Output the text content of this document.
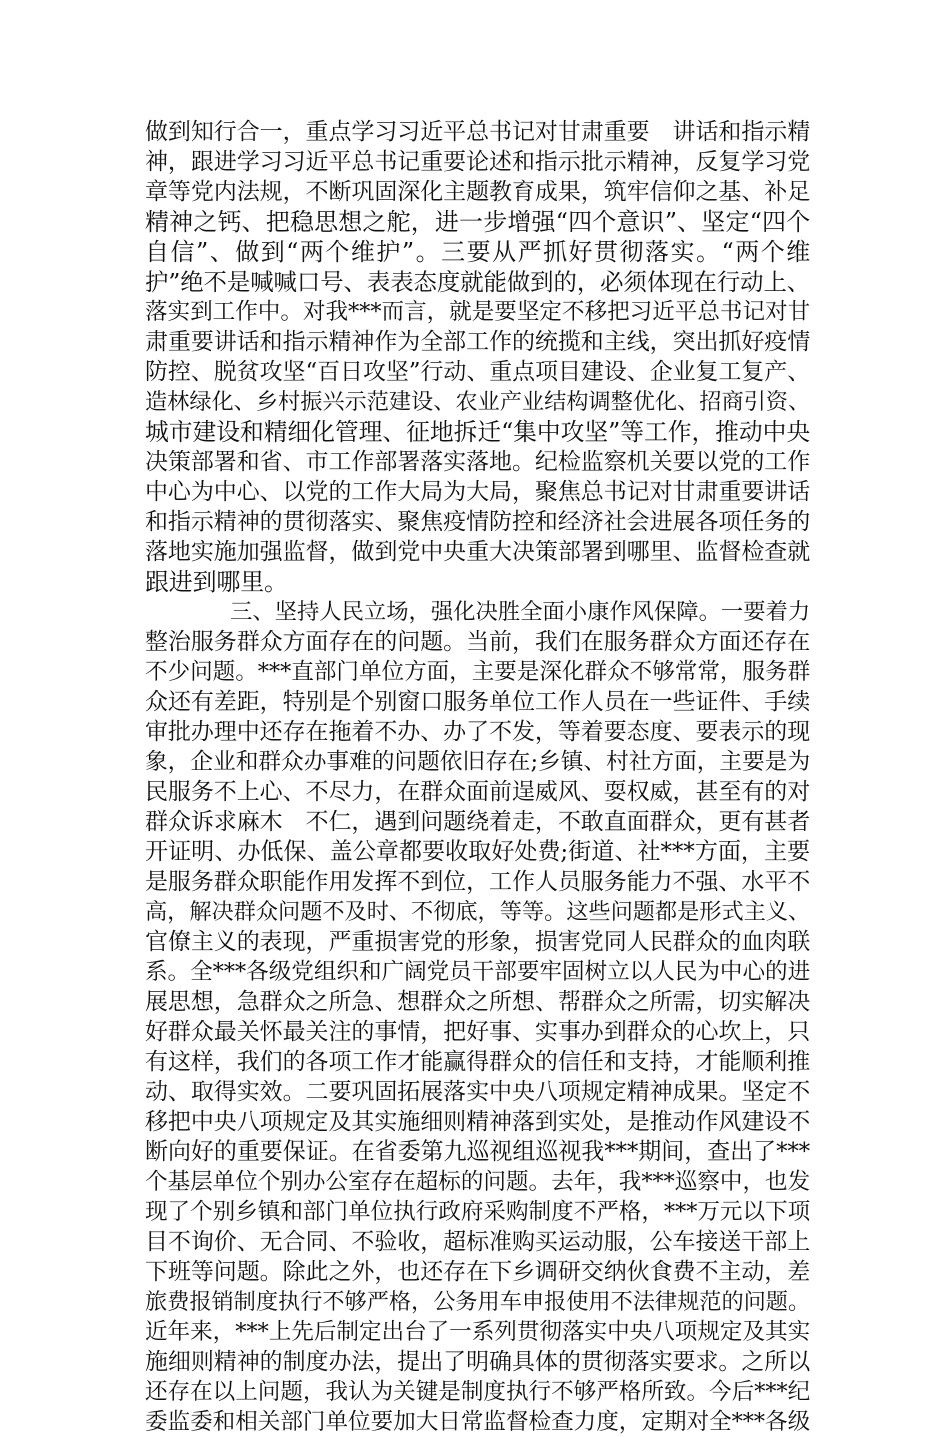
做到知行合一，重点学习习近平总书记对甘肃重要　讲话和指示精
神，跟进学习习近平总书记重要论述和指示批示精神，反复学习党
章等党内法规，不断巩固深化主题教育成果，筑牢信仰之基、补足
精神之钙、把稳思想之舵，进一步增强“四个意识”、坚定“四个
自信”、做到“两个维护”。三要从严抓好贯彻落实。“两个维
护”绝不是喊喊口号、表表态度就能做到的，必须体现在行动上、
落实到工作中。对我***而言，就是要坚定不移把习近平总书记对甘
肃重要讲话和指示精神作为全部工作的统揽和主线，突出抓好疫情
防控、脱贫攻坚“百日攻坚”行动、重点项目建设、企业复工复产、
造林绿化、乡村振兴示范建设、农业产业结构调整优化、招商引资、
城市建设和精细化管理、征地拆迁“集中攻坚”等工作，推动中央
决策部署和省、市工作部署落实落地。纪检监察机关要以党的工作
中心为中心、以党的工作大局为大局，聚焦总书记对甘肃重要讲话
和指示精神的贯彻落实、聚焦疫情防控和经济社会进展各项任务的
落地实施加强监督，做到党中央重大决策部署到哪里、监督检查就
跟进到哪里。
三、坚持人民立场，强化决胜全面小康作风保障。一要着力
整治服务群众方面存在的问题。当前，我们在服务群众方面还存在
不少问题。***直部门单位方面，主要是深化群众不够常常，服务群
众还有差距，特别是个别窗口服务单位工作人员在一些证件、手续
审批办理中还存在拖着不办、办了不发，等着要态度、要表示的现
象，企业和群众办事难的问题依旧存在;乡镇、村社方面，主要是为
民服务不上心、不尽力，在群众面前逞威风、耍权威，甚至有的对
群众诉求麻木　不仁，遇到问题绕着走，不敢直面群众，更有甚者
开证明、办低保、盖公章都要收取好处费;街道、社***方面，主要
是服务群众职能作用发挥不到位，工作人员服务能力不强、水平不
高，解决群众问题不及时、不彻底，等等。这些问题都是形式主义、
官僚主义的表现，严重损害党的形象，损害党同人民群众的血肉联
系。全***各级党组织和广阔党员干部要牢固树立以人民为中心的进
展思想，急群众之所急、想群众之所想、帮群众之所需，切实解决
好群众最关怀最关注的事情，把好事、实事办到群众的心坎上，只
有这样，我们的各项工作才能赢得群众的信任和支持，才能顺利推
动、取得实效。二要巩固拓展落实中央八项规定精神成果。坚定不
移把中央八项规定及其实施细则精神落到实处，是推动作风建设不
断向好的重要保证。在省委第九巡视组巡视我***期间，查出了***
个基层单位个别办公室存在超标的问题。去年，我***巡察中，也发
现了个别乡镇和部门单位执行政府采购制度不严格，***万元以下项
目不询价、无合同、不验收，超标准购买运动服，公车接送干部上
下班等问题。除此之外，也还存在下乡调研交纳伙食费不主动，差
旅费报销制度执行不够严格，公务用车申报使用不法律规范的问题。
近年来，***上先后制定出台了一系列贯彻落实中央八项规定及其实
施细则精神的制度办法，提出了明确具体的贯彻落实要求。之所以
还存在以上问题，我认为关键是制度执行不够严格所致。今后***纪
委监委和相关部门单位要加大日常监督检查力度，定期对全***各级
